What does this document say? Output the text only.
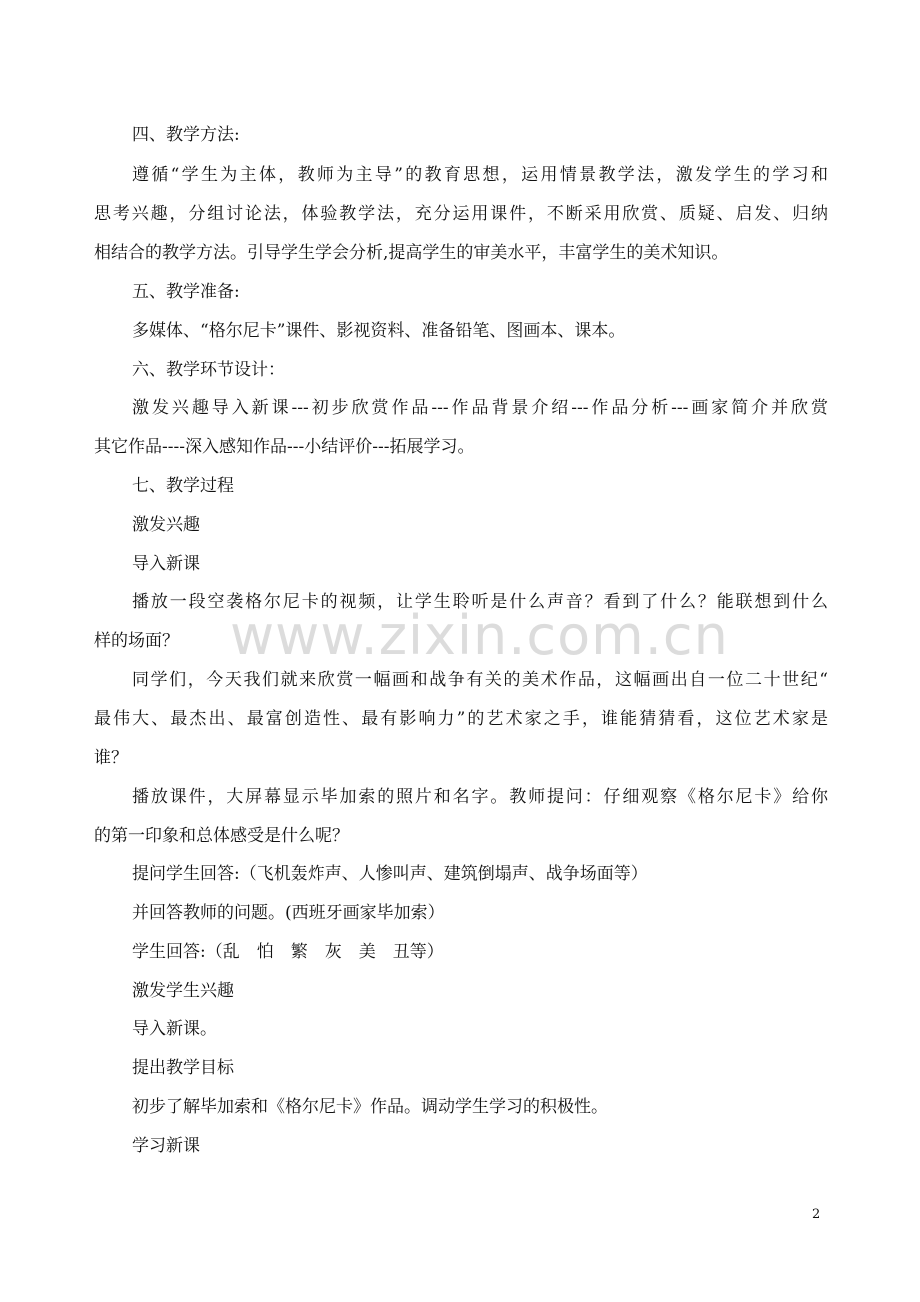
四、教学方法:
遵循“学生为主体，教师为主导”的教育思想，运用情景教学法，激发学生的学习和
思考兴趣，分组讨论法，体验教学法，充分运用课件，不断采用欣赏、质疑、启发、归纳
相结合的教学方法。引导学生学会分析,提高学生的审美水平，丰富学生的美术知识。
五、教学准备:
多媒体、“格尔尼卡”课件、影视资料、准备铅笔、图画本、课本。
六、教学环节设计：
激发兴趣导入新课---初步欣赏作品---作品背景介绍---作品分析---画家简介并欣赏
其它作品----深入感知作品---小结评价---拓展学习。
七、教学过程
激发兴趣
导入新课
播放一段空袭格尔尼卡的视频，让学生聆听是什么声音？看到了什么？能联想到什么
样的场面？
同学们，今天我们就来欣赏一幅画和战争有关的美术作品，这幅画出自一位二十世纪“
最伟大、最杰出、最富创造性、最有影响力”的艺术家之手，谁能猜猜看，这位艺术家是
谁？
播放课件，大屏幕显示毕加索的照片和名字。教师提问：仔细观察《格尔尼卡》给你
的第一印象和总体感受是什么呢？
提问学生回答:（飞机轰炸声、人惨叫声、建筑倒塌声、战争场面等）
并回答教师的问题。(西班牙画家毕加索）
学生回答:（乱　怕　繁　灰　美　丑等）
激发学生兴趣
导入新课。
提出教学目标
初步了解毕加索和《格尔尼卡》作品。调动学生学习的积极性。
学习新课
www.zixin.com.cn
2
